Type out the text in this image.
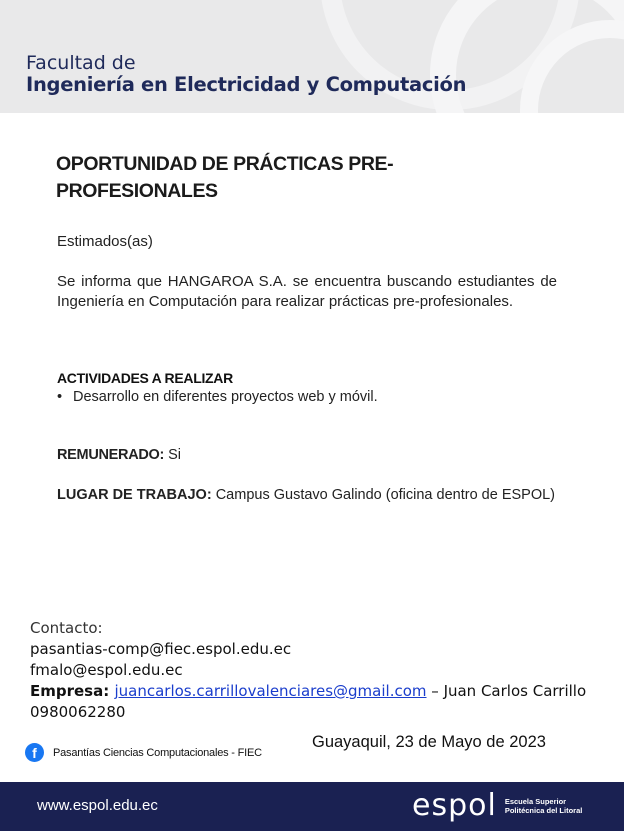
Facultad de
Ingeniería en Electricidad y Computación
OPORTUNIDAD DE PRÁCTICAS PRE-PROFESIONALES
Estimados(as)
Se informa que HANGAROA S.A. se encuentra buscando estudiantes de Ingeniería en Computación para realizar prácticas pre-profesionales.
ACTIVIDADES A REALIZAR
• Desarrollo en diferentes proyectos web y móvil.
REMUNERADO: Si
LUGAR DE TRABAJO: Campus Gustavo Galindo (oficina dentro de ESPOL)
Contacto:
pasantias-comp@fiec.espol.edu.ec
fmalo@espol.edu.ec
Empresa: juancarlos.carrillovalenciares@gmail.com – Juan Carlos Carrillo
0980062280
f	Pasantías Ciencias Computacionales - FIEC
Guayaquil, 23 de Mayo de 2023
www.espol.edu.ec	espol Escuela Superior
Politécnica del Litoral
